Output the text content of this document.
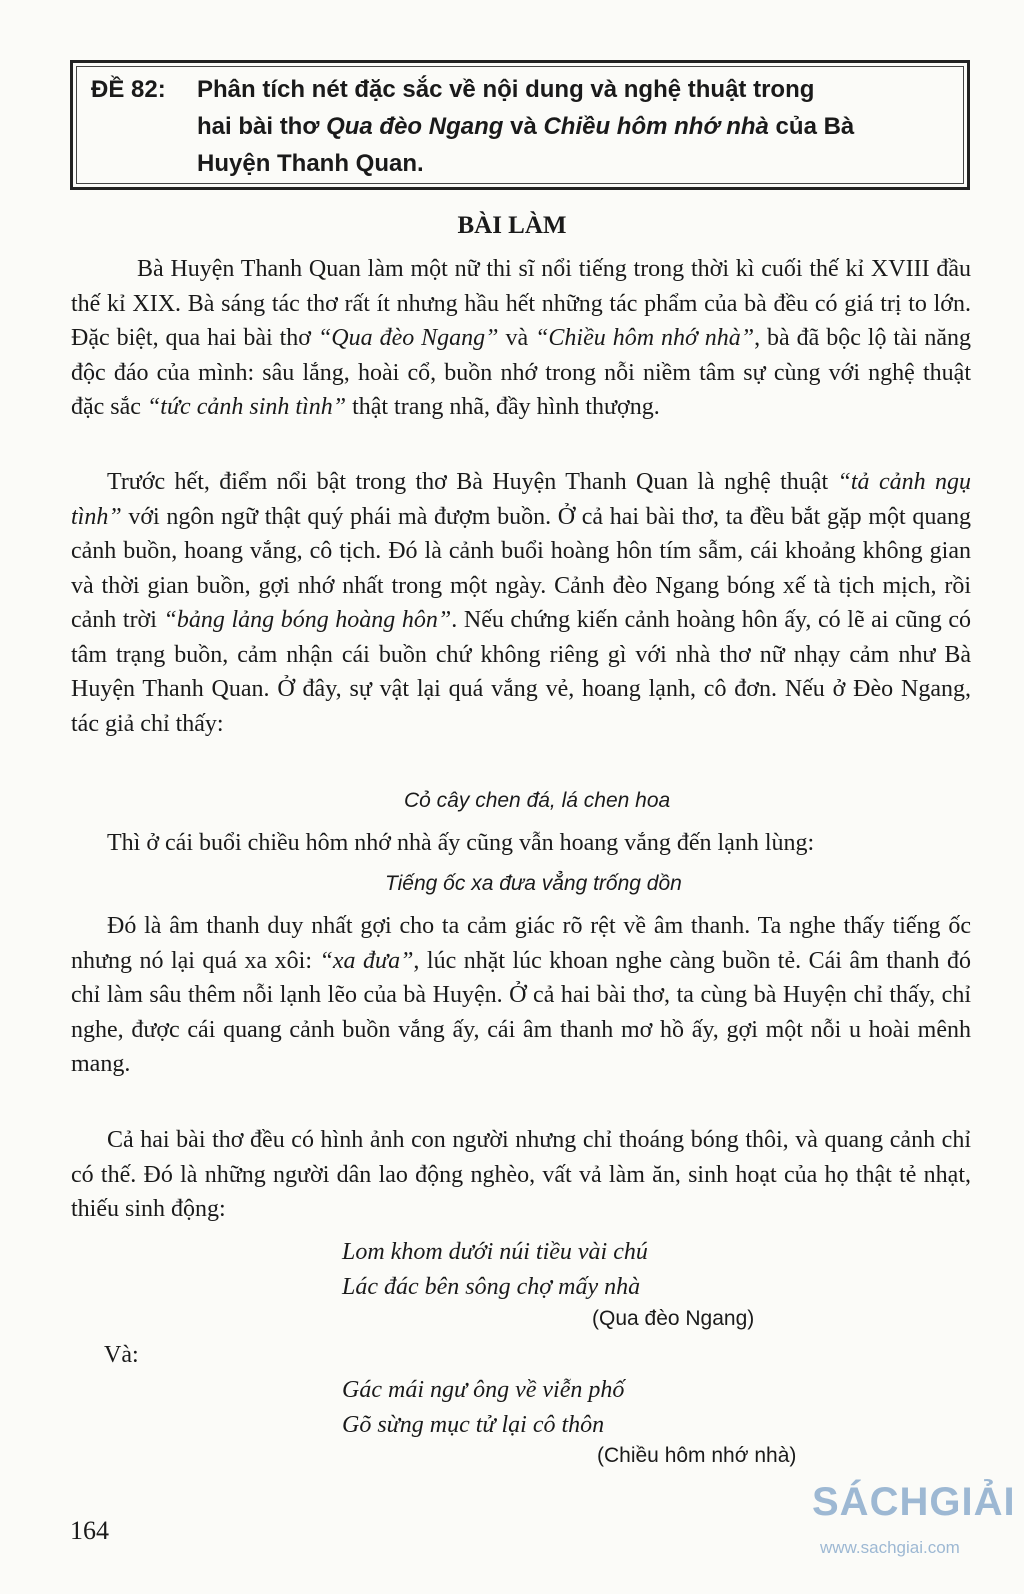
ĐỀ 82: Phân tích nét đặc sắc về nội dung và nghệ thuật trong
hai bài thơ Qua đèo Ngang và Chiều hôm nhớ nhà của Bà
Huyện Thanh Quan.
BÀI LÀM
Bà Huyện Thanh Quan làm một nữ thi sĩ nổi tiếng trong thời kì cuối thế kỉ XVIII đầu thế kỉ XIX. Bà sáng tác thơ rất ít nhưng hầu hết những tác phẩm của bà đều có giá trị to lớn. Đặc biệt, qua hai bài thơ “Qua đèo Ngang” và “Chiều hôm nhớ nhà”, bà đã bộc lộ tài năng độc đáo của mình: sâu lắng, hoài cổ, buồn nhớ trong nỗi niềm tâm sự cùng với nghệ thuật đặc sắc “tức cảnh sinh tình” thật trang nhã, đầy hình thượng.
Trước hết, điểm nổi bật trong thơ Bà Huyện Thanh Quan là nghệ thuật “tả cảnh ngụ tình” với ngôn ngữ thật quý phái mà đượm buồn. Ở cả hai bài thơ, ta đều bắt gặp một quang cảnh buồn, hoang vắng, cô tịch. Đó là cảnh buổi hoàng hôn tím sẫm, cái khoảng không gian và thời gian buồn, gợi nhớ nhất trong một ngày. Cảnh đèo Ngang bóng xế tà tịch mịch, rồi cảnh trời “bảng lảng bóng hoàng hôn”. Nếu chứng kiến cảnh hoàng hôn ấy, có lẽ ai cũng có tâm trạng buồn, cảm nhận cái buồn chứ không riêng gì với nhà thơ nữ nhạy cảm như Bà Huyện Thanh Quan. Ở đây, sự vật lại quá vắng vẻ, hoang lạnh, cô đơn. Nếu ở Đèo Ngang, tác giả chỉ thấy:
Cỏ cây chen đá, lá chen hoa
Thì ở cái buổi chiều hôm nhớ nhà ấy cũng vẫn hoang vắng đến lạnh lùng:
Tiếng ốc xa đưa vẳng trống dồn
Đó là âm thanh duy nhất gợi cho ta cảm giác rõ rệt về âm thanh. Ta nghe thấy tiếng ốc nhưng nó lại quá xa xôi: “xa đưa”, lúc nhặt lúc khoan nghe càng buồn tẻ. Cái âm thanh đó chỉ làm sâu thêm nỗi lạnh lẽo của bà Huyện. Ở cả hai bài thơ, ta cùng bà Huyện chỉ thấy, chỉ nghe, được cái quang cảnh buồn vắng ấy, cái âm thanh mơ hồ ấy, gợi một nỗi u hoài mênh mang.
Cả hai bài thơ đều có hình ảnh con người nhưng chỉ thoáng bóng thôi, và quang cảnh chỉ có thế. Đó là những người dân lao động nghèo, vất vả làm ăn, sinh hoạt của họ thật tẻ nhạt, thiếu sinh động:
Lom khom dưới núi tiều vài chú
Lác đác bên sông chợ mấy nhà
(Qua đèo Ngang)
Và:
Gác mái ngư ông về viễn phố
Gõ sừng mục tử lại cô thôn
(Chiều hôm nhớ nhà)
164
SÁCHGIẢI
www.sachgiai.com
